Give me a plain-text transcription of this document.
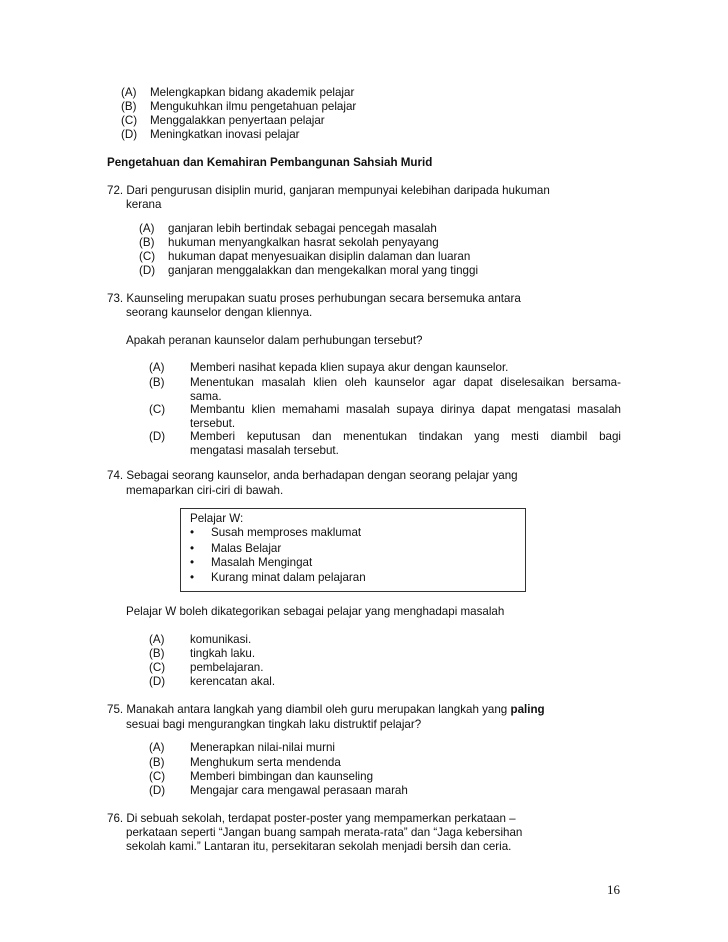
(A) Melengkapkan bidang akademik pelajar
(B) Mengukuhkan ilmu pengetahuan pelajar
(C) Menggalakkan penyertaan pelajar
(D) Meningkatkan inovasi pelajar
Pengetahuan dan Kemahiran Pembangunan Sahsiah Murid
72. Dari pengurusan disiplin murid, ganjaran mempunyai kelebihan daripada hukuman
kerana
(A) ganjaran lebih bertindak sebagai pencegah masalah
(B) hukuman menyangkalkan hasrat sekolah penyayang
(C) hukuman dapat menyesuaikan disiplin dalaman dan luaran
(D) ganjaran menggalakkan dan mengekalkan moral yang tinggi
73. Kaunseling merupakan suatu proses perhubungan secara bersemuka antara
seorang kaunselor dengan kliennya.
Apakah peranan kaunselor dalam perhubungan tersebut?
(A) Memberi nasihat kepada klien supaya akur dengan kaunselor.
(B) Menentukan masalah klien oleh kaunselor agar dapat diselesaikan bersama-
sama.
(C) Membantu klien memahami masalah supaya dirinya dapat mengatasi masalah
tersebut.
(D) Memberi keputusan dan menentukan tindakan yang mesti diambil bagi
mengatasi masalah tersebut.
74. Sebagai seorang kaunselor, anda berhadapan dengan seorang pelajar yang
memaparkan ciri-ciri di bawah.
Pelajar W:
• Susah memproses maklumat
• Malas Belajar
• Masalah Mengingat
• Kurang minat dalam pelajaran
Pelajar W boleh dikategorikan sebagai pelajar yang menghadapi masalah
(A) komunikasi.
(B) tingkah laku.
(C) pembelajaran.
(D) kerencatan akal.
75. Manakah antara langkah yang diambil oleh guru merupakan langkah yang paling
sesuai bagi mengurangkan tingkah laku distruktif pelajar?
(A) Menerapkan nilai-nilai murni
(B) Menghukum serta mendenda
(C) Memberi bimbingan dan kaunseling
(D) Mengajar cara mengawal perasaan marah
76. Di sebuah sekolah, terdapat poster-poster yang mempamerkan perkataan –
perkataan seperti “Jangan buang sampah merata-rata” dan “Jaga kebersihan
sekolah kami.” Lantaran itu, persekitaran sekolah menjadi bersih dan ceria.
16
